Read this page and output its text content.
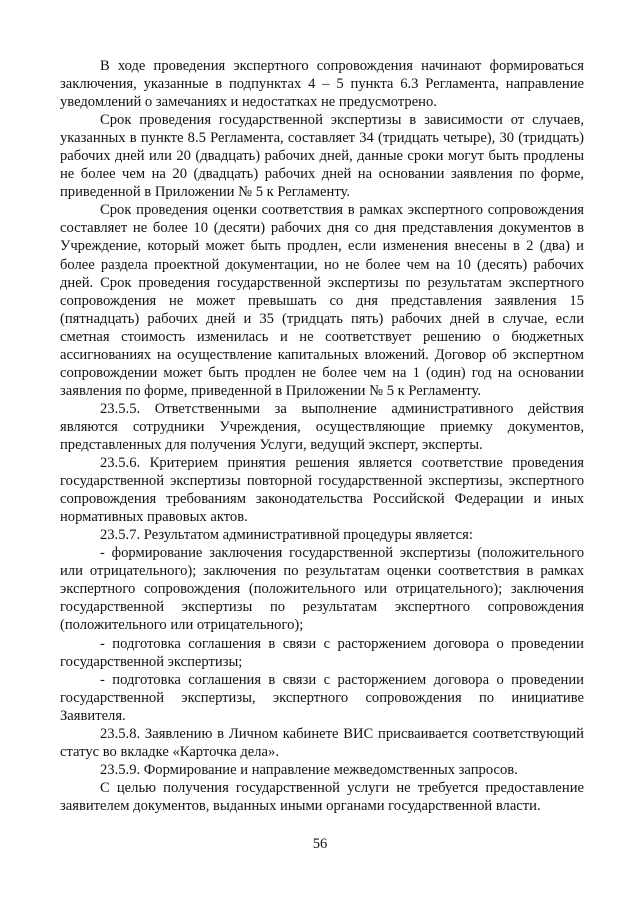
В ходе проведения экспертного сопровождения начинают формироваться заключения, указанные в подпунктах 4 – 5 пункта 6.3 Регламента, направление уведомлений о замечаниях и недостатках не предусмотрено.

Срок проведения государственной экспертизы в зависимости от случаев, указанных в пункте 8.5 Регламента, составляет 34 (тридцать четыре), 30 (тридцать) рабочих дней или 20 (двадцать) рабочих дней, данные сроки могут быть продлены не более чем на 20 (двадцать) рабочих дней на основании заявления по форме, приведенной в Приложении № 5 к Регламенту.

Срок проведения оценки соответствия в рамках экспертного сопровождения составляет не более 10 (десяти) рабочих дня со дня представления документов в Учреждение, который может быть продлен, если изменения внесены в 2 (два) и более раздела проектной документации, но не более чем на 10 (десять) рабочих дней. Срок проведения государственной экспертизы по результатам экспертного сопровождения не может превышать со дня представления заявления 15 (пятнадцать) рабочих дней и 35 (тридцать пять) рабочих дней в случае, если сметная стоимость изменилась и не соответствует решению о бюджетных ассигнованиях на осуществление капитальных вложений. Договор об экспертном сопровождении может быть продлен не более чем на 1 (один) год на основании заявления по форме, приведенной в Приложении № 5 к Регламенту.

23.5.5. Ответственными за выполнение административного действия являются сотрудники Учреждения, осуществляющие приемку документов, представленных для получения Услуги, ведущий эксперт, эксперты.

23.5.6. Критерием принятия решения является соответствие проведения государственной экспертизы повторной государственной экспертизы, экспертного сопровождения требованиям законодательства Российской Федерации и иных нормативных правовых актов.

23.5.7. Результатом административной процедуры является:

- формирование заключения государственной экспертизы (положительного или отрицательного); заключения по результатам оценки соответствия в рамках экспертного сопровождения (положительного или отрицательного); заключения государственной экспертизы по результатам экспертного сопровождения (положительного или отрицательного);

- подготовка соглашения в связи с расторжением договора о проведении государственной экспертизы;

- подготовка соглашения в связи с расторжением договора о проведении государственной экспертизы, экспертного сопровождения по инициативе Заявителя.

23.5.8. Заявлению в Личном кабинете ВИС присваивается соответствующий статус во вкладке «Карточка дела».

23.5.9. Формирование и направление межведомственных запросов.

С целью получения государственной услуги не требуется предоставление заявителем документов, выданных иными органами государственной власти.

56
